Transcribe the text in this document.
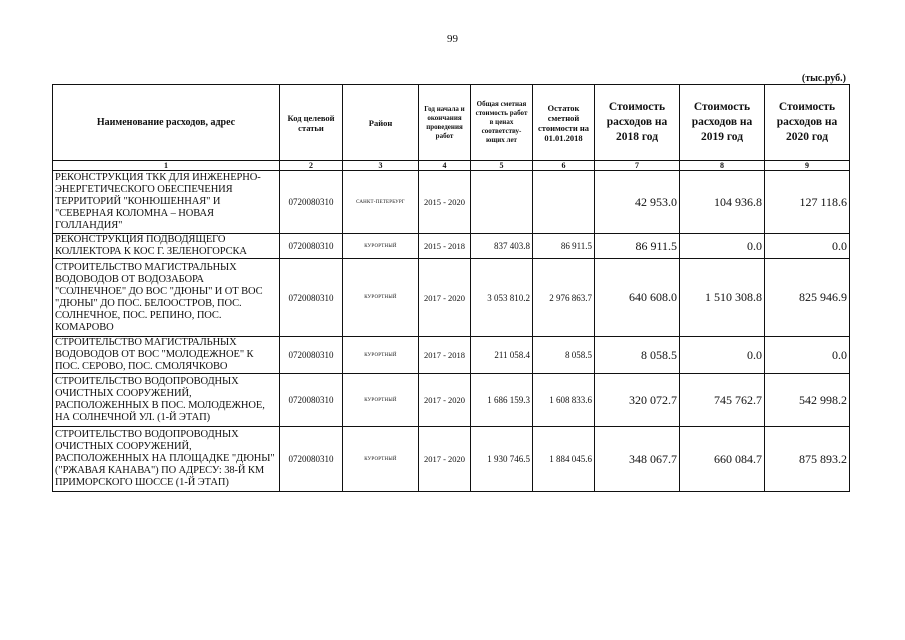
99
(тыс.руб.)
Наименование расходов, адрес	Код целевой статьи	Район	Год начала и окончания проведения работ	Общая сметная стоимость работ в ценах соответству-ющих лет	Остаток сметной стоимости на 01.01.2018	Стоимость расходов на 2018 год	Стоимость расходов на 2019 год	Стоимость расходов на 2020 год
1	2	3	4	5	6	7	8	9
РЕКОНСТРУКЦИЯ ТКК ДЛЯ ИНЖЕНЕРНО-ЭНЕРГЕТИЧЕСКОГО ОБЕСПЕЧЕНИЯ ТЕРРИТОРИЙ "КОНЮШЕННАЯ" И "СЕВЕРНАЯ КОЛОМНА – НОВАЯ ГОЛЛАНДИЯ"	0720080310	САНКТ-ПЕТЕРБУРГ	2015 - 2020			42 953.0	104 936.8	127 118.6
РЕКОНСТРУКЦИЯ ПОДВОДЯЩЕГО КОЛЛЕКТОРА К КОС Г. ЗЕЛЕНОГОРСКА	0720080310	КУРОРТНЫЙ	2015 - 2018	837 403.8	86 911.5	86 911.5	0.0	0.0
СТРОИТЕЛЬСТВО МАГИСТРАЛЬНЫХ ВОДОВОДОВ ОТ ВОДОЗАБОРА "СОЛНЕЧНОЕ" ДО ВОС "ДЮНЫ" И ОТ ВОС "ДЮНЫ" ДО ПОС. БЕЛООСТРОВ, ПОС. СОЛНЕЧНОЕ, ПОС. РЕПИНО, ПОС. КОМАРОВО	0720080310	КУРОРТНЫЙ	2017 - 2020	3 053 810.2	2 976 863.7	640 608.0	1 510 308.8	825 946.9
СТРОИТЕЛЬСТВО МАГИСТРАЛЬНЫХ ВОДОВОДОВ ОТ ВОС "МОЛОДЕЖНОЕ" К ПОС. СЕРОВО, ПОС. СМОЛЯЧКОВО	0720080310	КУРОРТНЫЙ	2017 - 2018	211 058.4	8 058.5	8 058.5	0.0	0.0
СТРОИТЕЛЬСТВО ВОДОПРОВОДНЫХ ОЧИСТНЫХ СООРУЖЕНИЙ, РАСПОЛОЖЕННЫХ В ПОС. МОЛОДЕЖНОЕ, НА СОЛНЕЧНОЙ УЛ. (1-Й ЭТАП)	0720080310	КУРОРТНЫЙ	2017 - 2020	1 686 159.3	1 608 833.6	320 072.7	745 762.7	542 998.2
СТРОИТЕЛЬСТВО ВОДОПРОВОДНЫХ ОЧИСТНЫХ СООРУЖЕНИЙ, РАСПОЛОЖЕННЫХ НА ПЛОЩАДКЕ "ДЮНЫ" ("РЖАВАЯ КАНАВА") ПО АДРЕСУ: 38-Й КМ ПРИМОРСКОГО ШОССЕ (1-Й ЭТАП)	0720080310	КУРОРТНЫЙ	2017 - 2020	1 930 746.5	1 884 045.6	348 067.7	660 084.7	875 893.2
